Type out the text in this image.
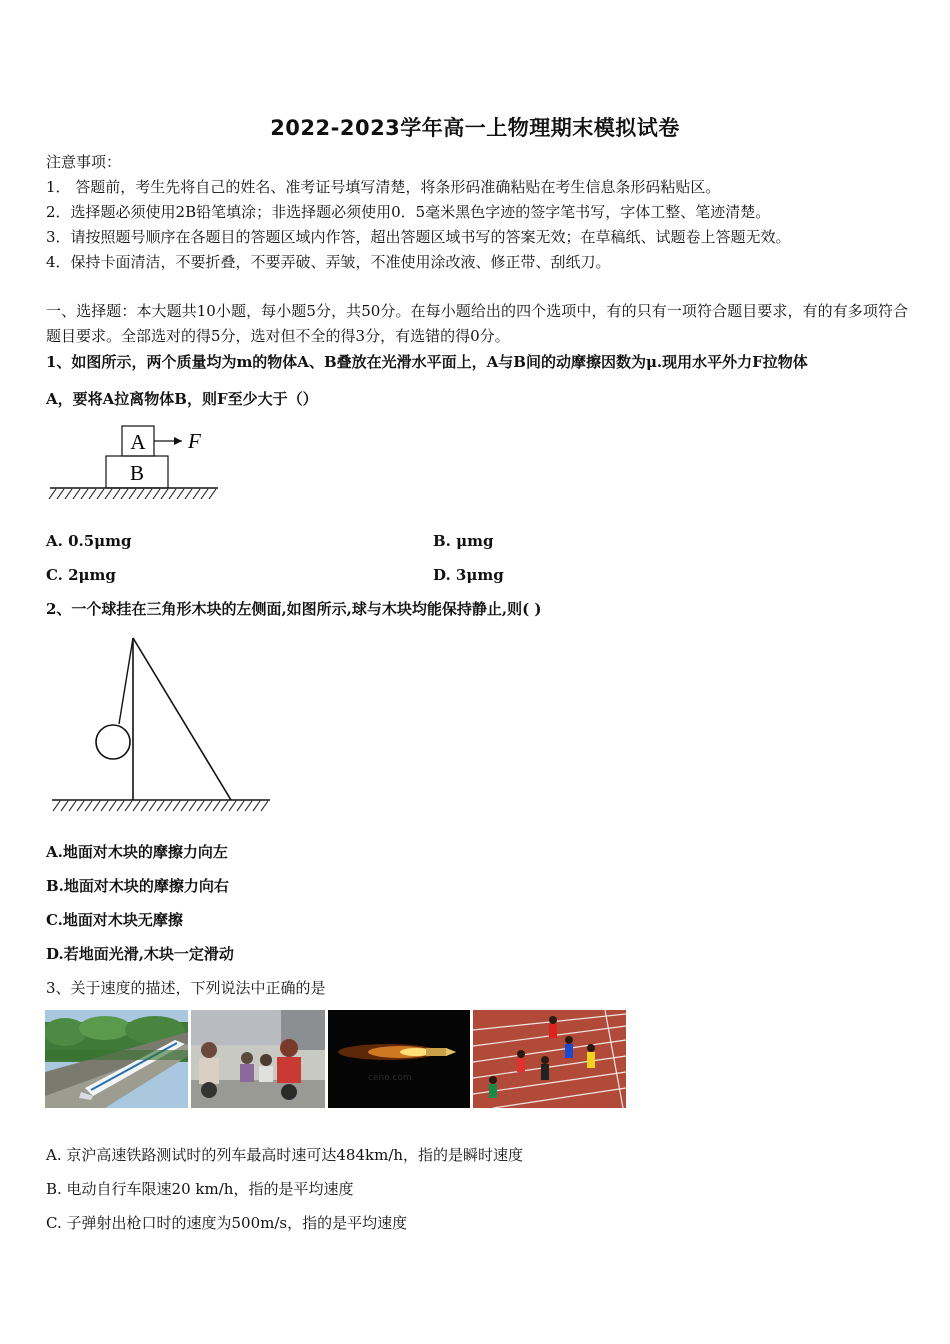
2022-2023学年高一上物理期末模拟试卷
注意事项：
1． 答题前，考生先将自己的姓名、准考证号填写清楚，将条形码准确粘贴在考生信息条形码粘贴区。
2．选择题必须使用2B铅笔填涂；非选择题必须使用0．5毫米黑色字迹的签字笔书写，字体工整、笔迹清楚。
3．请按照题号顺序在各题目的答题区域内作答，超出答题区域书写的答案无效；在草稿纸、试题卷上答题无效。
4．保持卡面清洁，不要折叠，不要弄破、弄皱，不准使用涂改液、修正带、刮纸刀。
一、选择题：本大题共10小题，每小题5分，共50分。在每小题给出的四个选项中，有的只有一项符合题目要求，有的有多项符合题目要求。全部选对的得5分，选对但不全的得3分，有选错的得0分。
1、如图所示，两个质量均为m的物体A、B叠放在光滑水平面上，A与B间的动摩擦因数为μ.现用水平外力F拉物体
A，要将A拉离物体B，则F至少大于（）
A
B
F
A. 0.5μmg	B. μmg
C. 2μmg	D. 3μmg
2、一个球挂在三角形木块的左侧面,如图所示,球与木块均能保持静止,则( )
A.地面对木块的摩擦力向左
B.地面对木块的摩擦力向右
C.地面对木块无摩擦
D.若地面光滑,木块一定滑动
3、关于速度的描述，下列说法中正确的是
ceno.com
A. 京沪高速铁路测试时的列车最高时速可达484km/h，指的是瞬时速度
B. 电动自行车限速20 km/h，指的是平均速度
C. 子弹射出枪口时的速度为500m/s，指的是平均速度
